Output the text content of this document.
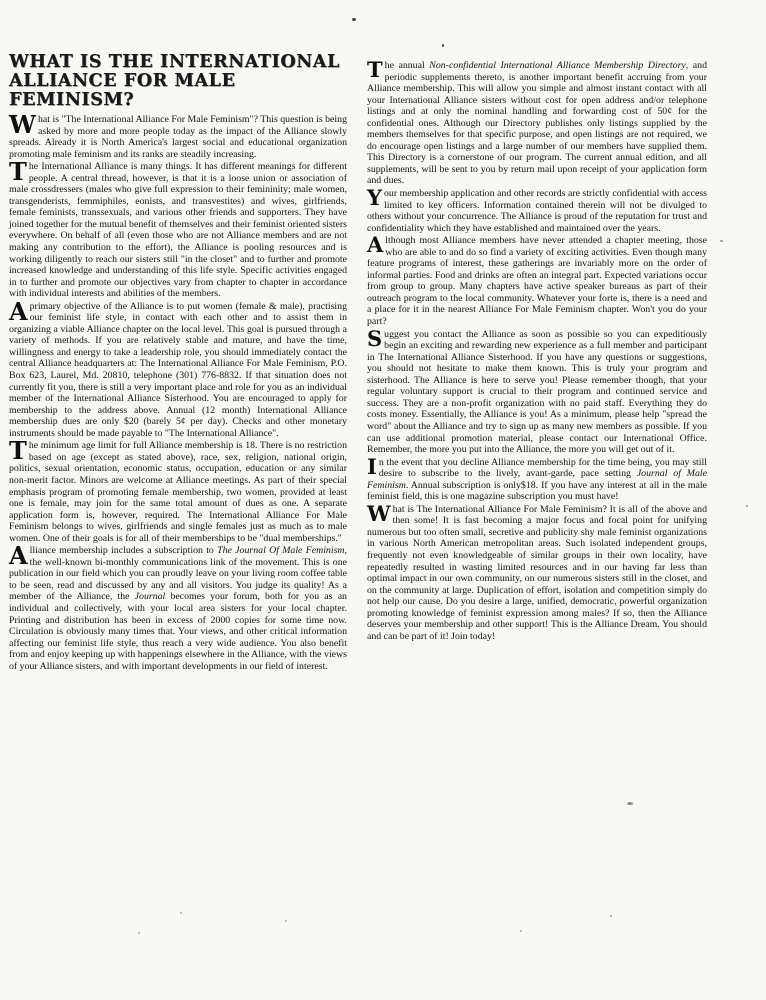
WHAT IS THE INTERNATIONAL ALLIANCE FOR MALE FEMINISM?

What is "The International Alliance For Male Feminism"? This question is being asked by more and more people today as the impact of the Alliance slowly spreads. Already it is North America's largest social and educational organization promoting male feminism and its ranks are steadily increasing.

The International Alliance is many things. It has different meanings for different people. A central thread, however, is that it is a loose union or association of male crossdressers (males who give full expression to their femininity; male women, transgenderists, femmiphiles, eonists, and transvestites) and wives, girlfriends, female feminists, transsexuals, and various other friends and supporters. They have joined together for the mutual benefit of themselves and their feminist oriented sisters everywhere. On behalf of all (even those who are not Alliance members and are not making any contribution to the effort), the Alliance is pooling resources and is working diligently to reach our sisters still "in the closet" and to further and promote increased knowledge and understanding of this life style. Specific activities engaged in to further and promote our objectives vary from chapter to chapter in accordance with individual interests and abilities of the members.

A primary objective of the Alliance is to put women (female & male), practising our feminist life style, in contact with each other and to assist them in organizing a viable Alliance chapter on the local level. This goal is pursued through a variety of methods. If you are relatively stable and mature, and have the time, willingness and energy to take a leadership role, you should immediately contact the central Alliance headquarters at: The International Alliance For Male Feminism, P.O. Box 623, Laurel, Md. 20810, telephone (301) 776-8832. If that situation does not currently fit you, there is still a very important place and role for you as an individual member of the International Alliance Sisterhood. You are encouraged to apply for membership to the address above. Annual (12 month) International Alliance membership dues are only $20 (barely 5¢ per day). Checks and other monetary instruments should be made payable to "The International Alliance".

The minimum age limit for full Alliance membership is 18. There is no restriction based on age (except as stated above), race, sex, religion, national origin, politics, sexual orientation, economic status, occupation, education or any similar non-merit factor. Minors are welcome at Alliance meetings. As part of their special emphasis program of promoting female membership, two women, provided at least one is female, may join for the same total amount of dues as one. A separate application form is, however, required. The International Alliance For Male Feminism belongs to wives, girlfriends and single females just as much as to male women. One of their goals is for all of their memberships to be "dual memberships."

Alliance membership includes a subscription to The Journal Of Male Feminism, the well-known bi-monthly communications link of the movement. This is one publication in our field which you can proudly leave on your living room coffee table to be seen, read and discussed by any and all visitors. You judge its quality! As a member of the Alliance, the Journal becomes your forum, both for you as an individual and collectively, with your local area sisters for your local chapter. Printing and distribution has been in excess of 2000 copies for some time now. Circulation is obviously many times that. Your views, and other critical information affecting our feminist life style, thus reach a very wide audience. You also benefit from and enjoy keeping up with happenings elsewhere in the Alliance, with the views of your Alliance sisters, and with important developments in our field of interest.

The annual Non-confidential International Alliance Membership Directory, and periodic supplements thereto, is another important benefit accruing from your Alliance membership. This will allow you simple and almost instant contact with all your International Alliance sisters without cost for open address and/or telephone listings and at only the nominal handling and forwarding cost of 50¢ for the confidential ones. Although our Directory publishes only listings supplied by the members themselves for that specific purpose, and open listings are not required, we do encourage open listings and a large number of our members have supplied them. This Directory is a cornerstone of our program. The current annual edition, and all supplements, will be sent to you by return mail upon receipt of your application form and dues.

Your membership application and other records are strictly confidential with access limited to key officers. Information contained therein will not be divulged to others without your concurrence. The Alliance is proud of the reputation for trust and confidentiality which they have established and maintained over the years.

Although most Alliance members have never attended a chapter meeting, those who are able to and do so find a variety of exciting activities. Even though many feature programs of interest, these gatherings are invariably more on the order of informal parties. Food and drinks are often an integral part. Expected variations occur from group to group. Many chapters have active speaker bureaus as part of their outreach program to the local community. Whatever your forte is, there is a need and a place for it in the nearest Alliance For Male Feminism chapter. Won't you do your part?

Suggest you contact the Alliance as soon as possible so you can expeditiously begin an exciting and rewarding new experience as a full member and participant in The International Alliance Sisterhood. If you have any questions or suggestions, you should not hesitate to make them known. This is truly your program and sisterhood. The Alliance is here to serve you! Please remember though, that your regular voluntary support is crucial to their program and continued service and success. They are a non-profit organization with no paid staff. Everything they do costs money. Essentially, the Alliance is you! As a minimum, please help "spread the word" about the Alliance and try to sign up as many new members as possible. If you can use additional promotion material, please contact our International Office. Remember, the more you put into the Alliance, the more you will get out of it.

In the event that you decline Alliance membership for the time being, you may still desire to subscribe to the lively, avant-garde, pace setting Journal of Male Feminism. Annual subscription is only$18. If you have any interest at all in the male feminist field, this is one magazine subscription you must have!

What is The International Alliance For Male Feminism? It is all of the above and then some! It is fast becoming a major focus and focal point for unifying numerous but too often small, secretive and publicity shy male feminist organizations in various North American metropolitan areas. Such isolated independent groups, frequently not even knowledgeable of similar groups in their own locality, have repeatedly resulted in wasting limited resources and in our having far less than optimal impact in our own community, on our numerous sisters still in the closet, and on the community at large. Duplication of effort, isolation and competition simply do not help our cause. Do you desire a large, unified, democratic, powerful organization promoting knowledge of feminist expression among males? If so, then the Alliance deserves your membership and other support! This is the Alliance Dream. You should and can be part of it! Join today!
